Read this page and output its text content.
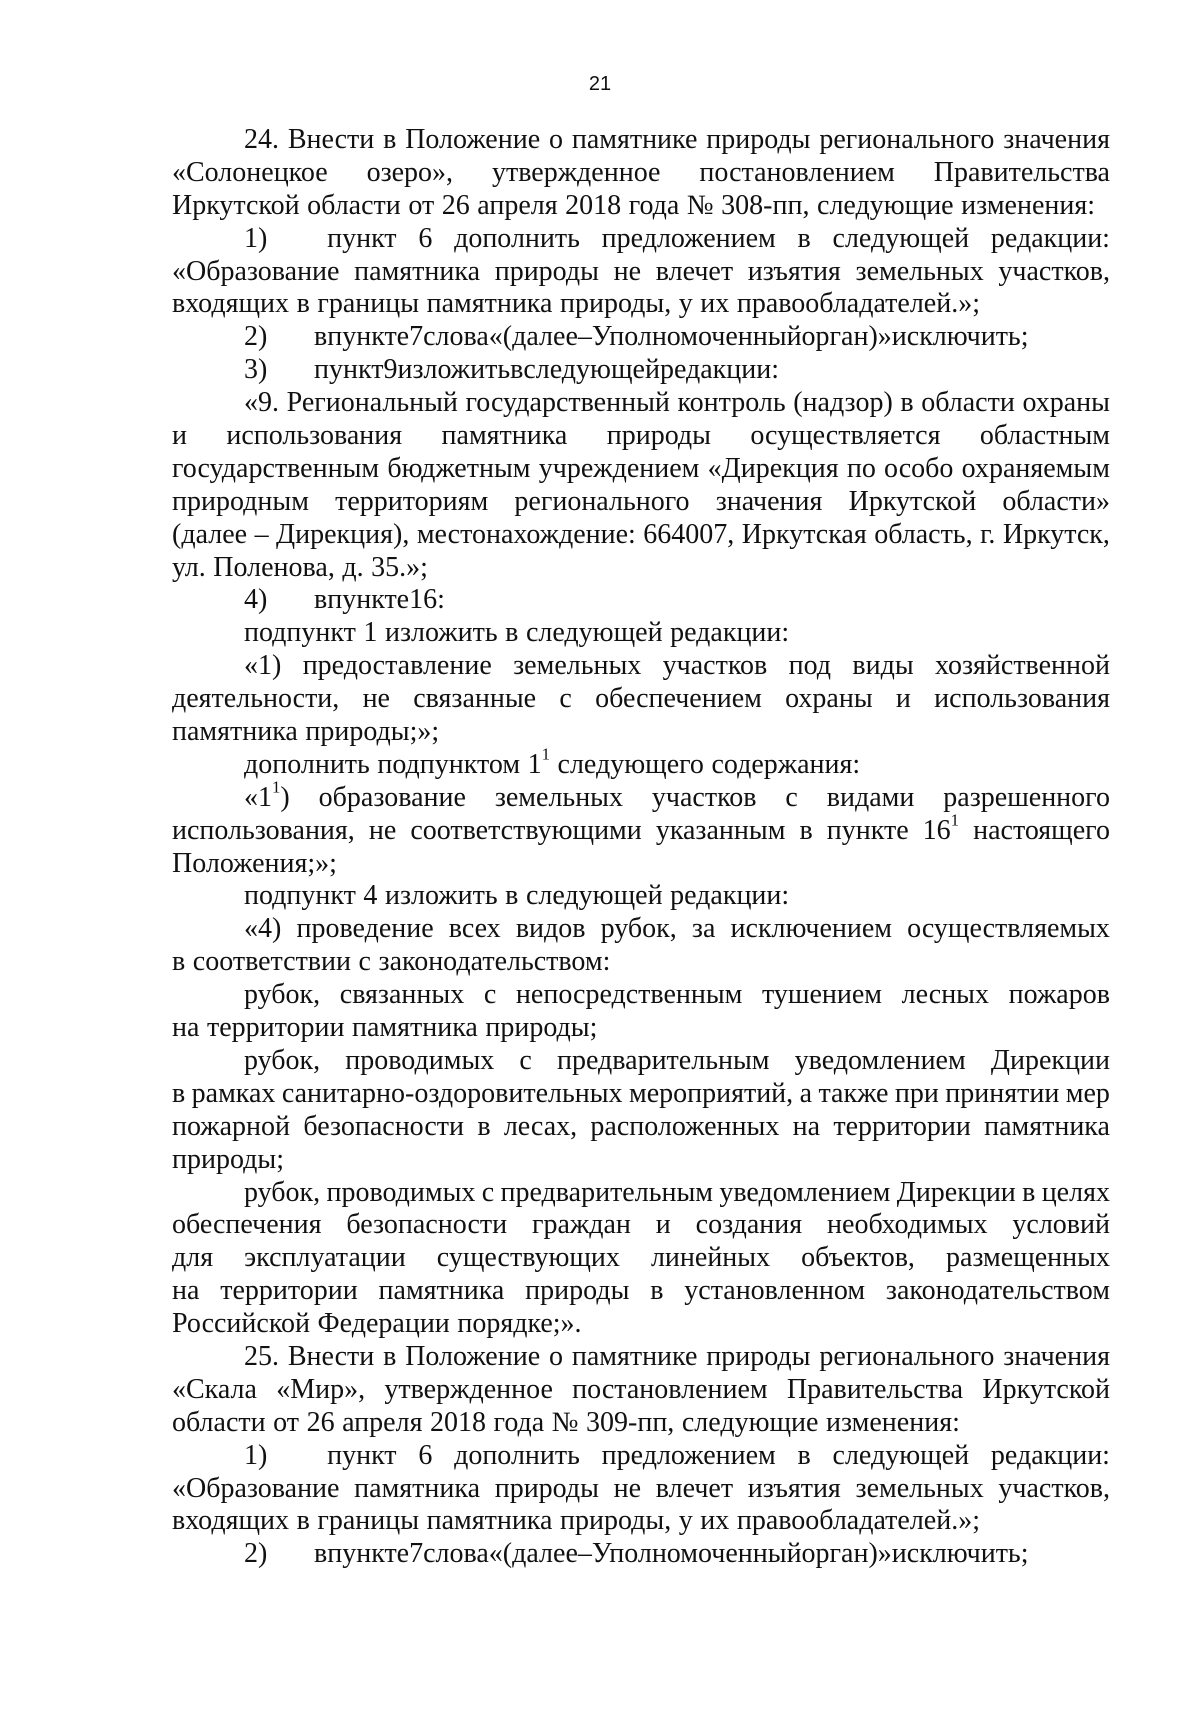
21
24. Внести в Положение о памятнике природы регионального значения
«Солонецкое озеро», утвержденное постановлением Правительства
Иркутской области от 26 апреля 2018 года № 308-пп, следующие изменения:
1) пункт 6 дополнить предложением в следующей редакции:
«Образование памятника природы не влечет изъятия земельных участков,
входящих в границы памятника природы, у их правообладателей.»;
2)	в пункте 7 слова «(далее – Уполномоченный орган)» исключить;
3)	пункт 9 изложить в следующей редакции:
«9. Региональный государственный контроль (надзор) в области охраны
и использования памятника природы осуществляется областным
государственным бюджетным учреждением «Дирекция по особо охраняемым
природным территориям регионального значения Иркутской области»
(далее – Дирекция), местонахождение: 664007, Иркутская область, г. Иркутск,
ул. Поленова, д. 35.»;
4)	в пункте 16:
подпункт 1 изложить в следующей редакции:
«1) предоставление земельных участков под виды хозяйственной
деятельности, не связанные с обеспечением охраны и использования
памятника природы;»;
дополнить подпунктом $1^1$ следующего содержания:
«$1^1$) образование земельных участков с видами разрешенного
использования, не соответствующими указанным в пункте $16^1$ настоящего
Положения;»;
подпункт 4 изложить в следующей редакции:
«4) проведение всех видов рубок, за исключением осуществляемых
в соответствии с законодательством:
рубок, связанных с непосредственным тушением лесных пожаров
на территории памятника природы;
рубок, проводимых с предварительным уведомлением Дирекции
в рамках санитарно-оздоровительных мероприятий, а также при принятии мер
пожарной безопасности в лесах, расположенных на территории памятника
природы;
рубок, проводимых с предварительным уведомлением Дирекции в целях
обеспечения безопасности граждан и создания необходимых условий
для эксплуатации существующих линейных объектов, размещенных
на территории памятника природы в установленном законодательством
Российской Федерации порядке;».
25. Внести в Положение о памятнике природы регионального значения
«Скала «Мир», утвержденное постановлением Правительства Иркутской
области от 26 апреля 2018 года № 309-пп, следующие изменения:
1) пункт 6 дополнить предложением в следующей редакции:
«Образование памятника природы не влечет изъятия земельных участков,
входящих в границы памятника природы, у их правообладателей.»;
2)	в пункте 7 слова «(далее – Уполномоченный орган)» исключить;
